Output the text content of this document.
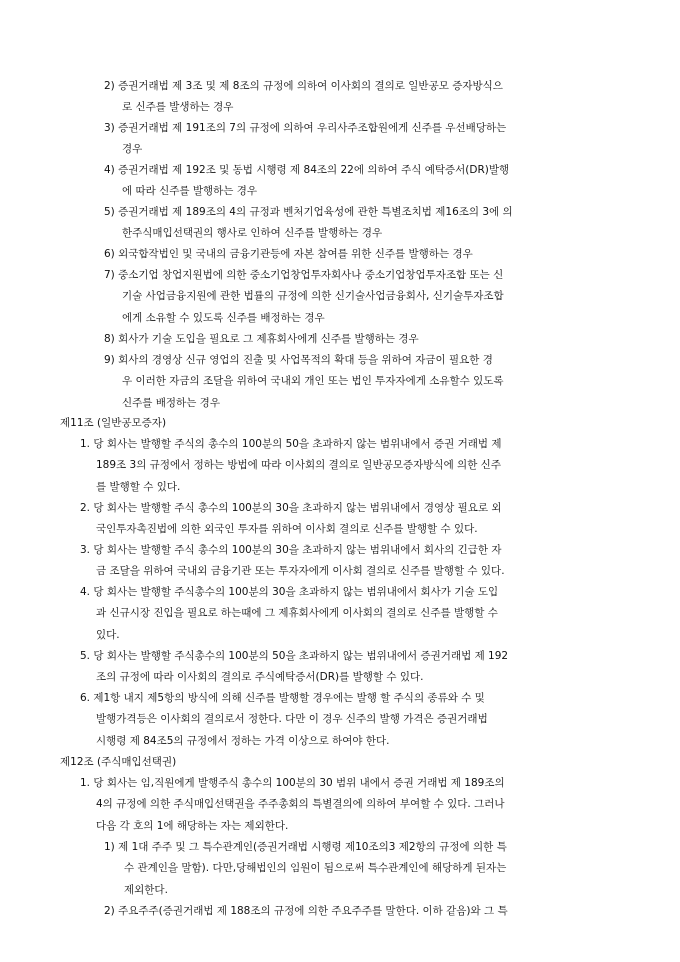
2) 증권거래법 제 3조 및 제 8조의 규정에 의하여 이사회의 결의로 일반공모 증자방식으
로 신주를 발생하는 경우

3) 증권거래법 제 191조의 7의 규정에 의하여 우리사주조합원에게 신주를 우선배당하는
경우

4) 증권거래법 제 192조 및 동법 시행령 제 84조의 22에 의하여 주식 예탁증서(DR)발행
에 따라 신주를 발행하는 경우

5) 증권거래법 제 189조의 4의 규정과 벤처기업육성에 관한 특별조치법 제16조의 3에 의
한주식매입선택권의 행사로 인하여 신주를 발행하는 경우

6) 외국합작법인 및 국내의 금융기관등에 자본 참여를 위한 신주를 발행하는 경우

7) 중소기업 창업지원법에 의한 중소기업창업투자회사나 중소기업창업투자조합 또는 신
기술 사업금융지원에 관한 법률의 규정에 의한 신기술사업금융회사, 신기술투자조합
에게 소유할 수 있도록 신주를 배정하는 경우

8) 회사가 기술 도입을 필요로 그 제휴회사에게 신주를 발행하는 경우

9) 회사의 경영상 신규 영업의 진출 및 사업목적의 확대 등을 위하여 자금이 필요한 경
우 이러한 자금의 조달을 위하여 국내외 개인 또는 법인 투자자에게 소유할수 있도록
신주를 배정하는 경우

제11조 (일반공모증자)

1. 당 회사는 발행할 주식의 총수의 100분의 50을 초과하지 않는 범위내에서 증권 거래법 제
189조 3의 규정에서 정하는 방법에 따라 이사회의 결의로 일반공모증자방식에 의한 신주
를 발행할 수 있다.

2. 당 회사는 발행할 주식 총수의 100분의 30을 초과하지 않는 범위내에서 경영상 필요로 외
국인투자촉진법에 의한 외국인 투자를 위하여 이사회 결의로 신주를 발행할 수 있다.

3. 당 회사는 발행할 주식 총수의 100분의 30을 초과하지 않는 범위내에서 회사의 긴급한 자
금 조달을 위하여 국내외 금융기관 또는 투자자에게 이사회 결의로 신주를 발행할 수 있다.

4. 당 회사는 발행할 주식총수의 100분의 30을 초과하지 않는 범위내에서 회사가 기술 도입
과 신규시장 진입을 필요로 하는때에 그 제휴회사에게 이사회의 결의로 신주를 발행할 수
있다.

5. 당 회사는 발행할 주식총수의 100분의 50을 초과하지 않는 범위내에서 증권거래법 제 192
조의 규정에 따라 이사회의 결의로 주식예탁증서(DR)를 발행할 수 있다.

6. 제1항 내지 제5항의 방식에 의해 신주를 발행할 경우에는 발행 할 주식의 종류와 수 및
발행가격등은 이사회의 결의로서 정한다. 다만 이 경우 신주의 발행 가격은 증권거래법
시행령 제 84조5의 규정에서 정하는 가격 이상으로 하여야 한다.

제12조 (주식매입선택권)

1. 당 회사는 임,직원에게 발행주식 총수의 100분의 30 범위 내에서 증권 거래법 제 189조의
4의 규정에 의한 주식매입선택권을 주주총회의 특별결의에 의하여 부여할 수 있다. 그러나
다음 각 호의 1에 해당하는 자는 제외한다.

1) 제 1대 주주 및 그 특수관계인(증권거래법 시행령 제10조의3 제2항의 규정에 의한 특
수 관계인을 말함). 다만,당해법인의 임원이 됨으로써 특수관계인에 해당하게 된자는
제외한다.

2) 주요주주(증권거래법 제 188조의 규정에 의한 주요주주를 말한다. 이하 같음)와 그 특
